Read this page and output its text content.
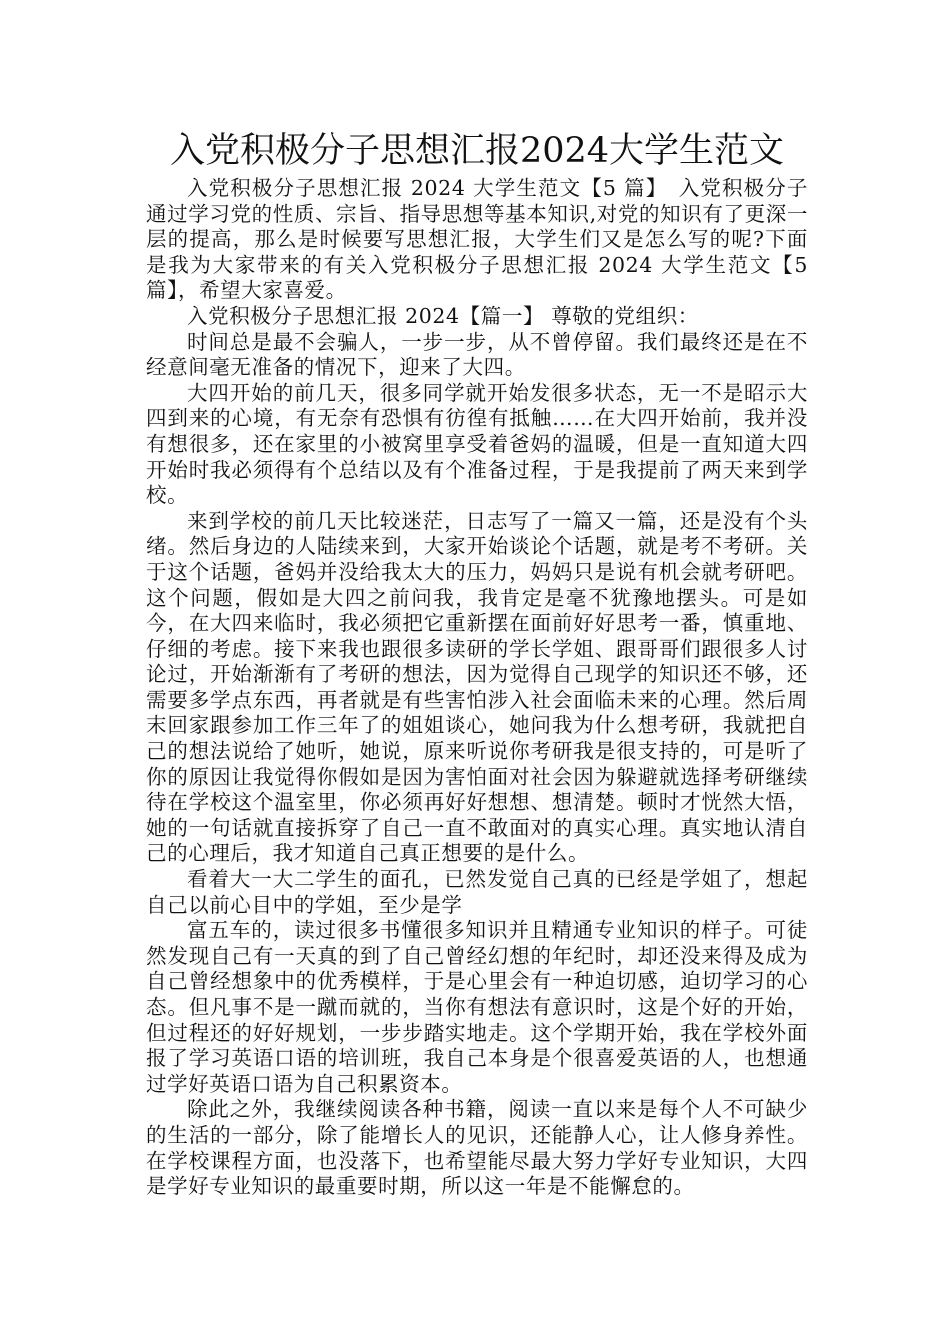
入党积极分子思想汇报2024大学生范文

入党积极分子思想汇报 2024 大学生范文【5 篇】　入党积极分子通过学习党的性质、宗旨、指导思想等基本知识,对党的知识有了更深一层的提高，那么是时候要写思想汇报，大学生们又是怎么写的呢?下面是我为大家带来的有关入党积极分子思想汇报 2024 大学生范文【5 篇】，希望大家喜爱。

入党积极分子思想汇报 2024【篇一】 尊敬的党组织：

时间总是最不会骗人，一步一步，从不曾停留。我们最终还是在不经意间毫无准备的情况下，迎来了大四。

大四开始的前几天，很多同学就开始发很多状态，无一不是昭示大四到来的心境，有无奈有恐惧有彷徨有抵触……在大四开始前，我并没有想很多，还在家里的小被窝里享受着爸妈的温暖，但是一直知道大四开始时我必须得有个总结以及有个准备过程，于是我提前了两天来到学校。

来到学校的前几天比较迷茫，日志写了一篇又一篇，还是没有个头绪。然后身边的人陆续来到，大家开始谈论个话题，就是考不考研。关于这个话题，爸妈并没给我太大的压力，妈妈只是说有机会就考研吧。这个问题，假如是大四之前问我，我肯定是毫不犹豫地摆头。可是如今，在大四来临时，我必须把它重新摆在面前好好思考一番，慎重地、仔细的考虑。接下来我也跟很多读研的学长学姐、跟哥哥们跟很多人讨论过，开始渐渐有了考研的想法，因为觉得自己现学的知识还不够，还需要多学点东西，再者就是有些害怕涉入社会面临未来的心理。然后周末回家跟参加工作三年了的姐姐谈心，她问我为什么想考研，我就把自己的想法说给了她听，她说，原来听说你考研我是很支持的，可是听了你的原因让我觉得你假如是因为害怕面对社会因为躲避就选择考研继续待在学校这个温室里，你必须再好好想想、想清楚。顿时才恍然大悟，她的一句话就直接拆穿了自己一直不敢面对的真实心理。真实地认清自己的心理后，我才知道自己真正想要的是什么。

看着大一大二学生的面孔，已然发觉自己真的已经是学姐了，想起自己以前心目中的学姐，至少是学

富五车的，读过很多书懂很多知识并且精通专业知识的样子。可徒然发现自己有一天真的到了自己曾经幻想的年纪时，却还没来得及成为自己曾经想象中的优秀模样，于是心里会有一种迫切感，迫切学习的心态。但凡事不是一蹴而就的，当你有想法有意识时，这是个好的开始，但过程还的好好规划，一步步踏实地走。这个学期开始，我在学校外面报了学习英语口语的培训班，我自己本身是个很喜爱英语的人，也想通过学好英语口语为自己积累资本。

除此之外，我继续阅读各种书籍，阅读一直以来是每个人不可缺少的生活的一部分，除了能增长人的见识，还能静人心，让人修身养性。在学校课程方面，也没落下，也希望能尽最大努力学好专业知识，大四是学好专业知识的最重要时期，所以这一年是不能懈怠的。
